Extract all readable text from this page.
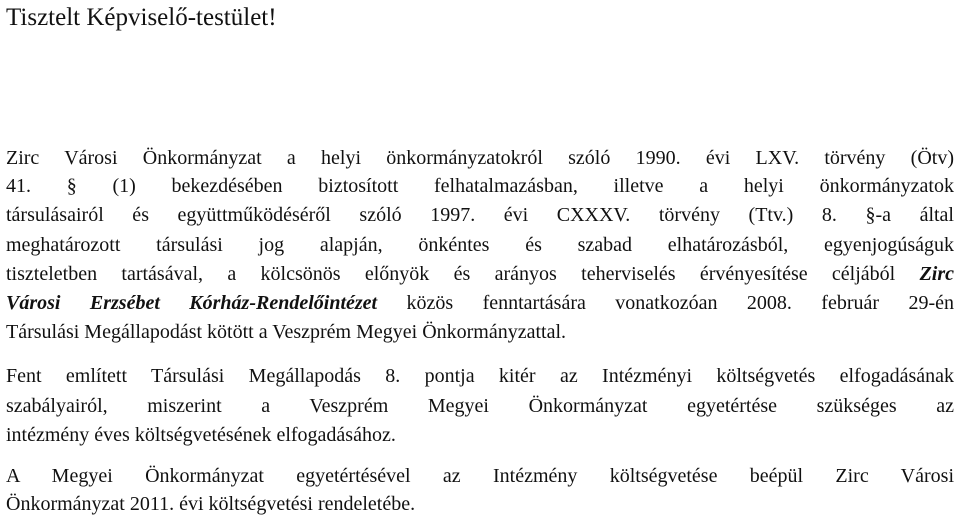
Tisztelt Képviselő-testület!
Zirc Városi Önkormányzat a helyi önkormányzatokról szóló 1990. évi LXV. törvény (Ötv)
41. § (1) bekezdésében biztosított felhatalmazásban, illetve a helyi önkormányzatok
társulásairól és együttműködéséről szóló 1997. évi CXXXV. törvény (Ttv.) 8. §-a által
meghatározott társulási jog alapján, önkéntes és szabad elhatározásból, egyenjogúságuk
tiszteletben tartásával, a kölcsönös előnyök és arányos teherviselés érvényesítése céljából Zirc
Városi Erzsébet Kórház-Rendelőintézet közös fenntartására vonatkozóan 2008. február 29-én
Társulási Megállapodást kötött a Veszprém Megyei Önkormányzattal.
Fent említett Társulási Megállapodás 8. pontja kitér az Intézményi költségvetés elfogadásának
szabályairól, miszerint a Veszprém Megyei Önkormányzat egyetértése szükséges az
intézmény éves költségvetésének elfogadásához.
A Megyei Önkormányzat egyetértésével az Intézmény költségvetése beépül Zirc Városi
Önkormányzat 2011. évi költségvetési rendeletébe.
